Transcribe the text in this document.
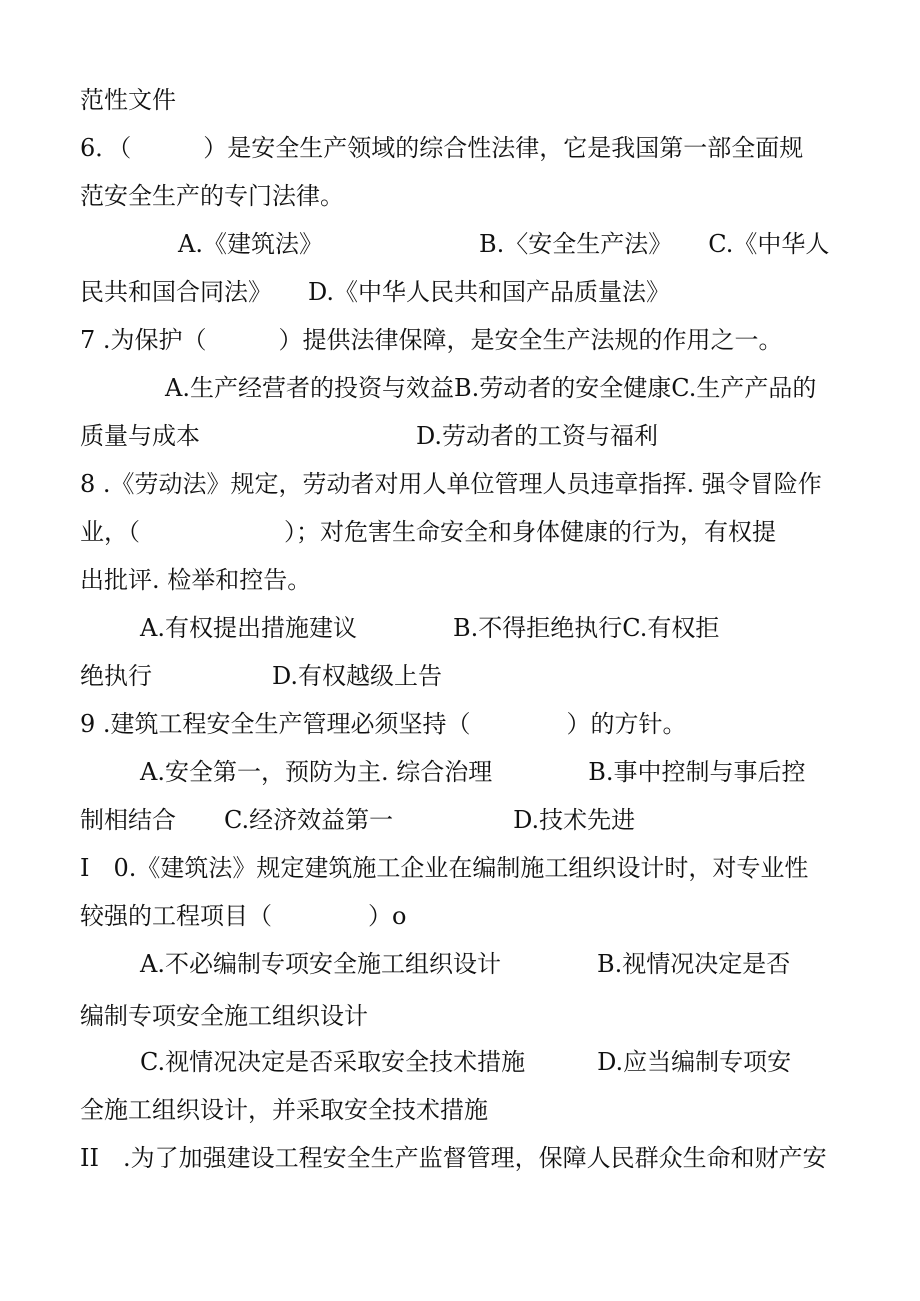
范性文件

6．（　　　）是安全生产领域的综合性法律，它是我国第一部全面规

范安全生产的专门法律。

A.《建筑法》　　　　　　　B.〈安全生产法》　　C.《中华人

民共和国合同法》　　D.《中华人民共和国产品质量法》

7 .为保护（　　　）提供法律保障，是安全生产法规的作用之一。

A.生产经营者的投资与效益B.劳动者的安全健康C.生产产品的

质量与成本　　　　　　　　　D.劳动者的工资与福利

8 .《劳动法》规定，劳动者对用人单位管理人员违章指挥. 强令冒险作

业，（　　　　　　）；对危害生命安全和身体健康的行为，有权提

出批评. 检举和控告。

A.有权提出措施建议　　　　B.不得拒绝执行C.有权拒

绝执行　　　　　D.有权越级上告

9 .建筑工程安全生产管理必须坚持（　　　　）的方针。

A.安全第一，预防为主. 综合治理　　　　B.事中控制与事后控

制相结合　　C.经济效益第一　　　　　D.技术先进

I　0.《建筑法》规定建筑施工企业在编制施工组织设计时，对专业性

较强的工程项目（　　　　）o

A.不必编制专项安全施工组织设计　　　　B.视情况决定是否

编制专项安全施工组织设计

C.视情况决定是否采取安全技术措施　　　D.应当编制专项安

全施工组织设计，并采取安全技术措施

II　.为了加强建设工程安全生产监督管理，保障人民群众生命和财产安
